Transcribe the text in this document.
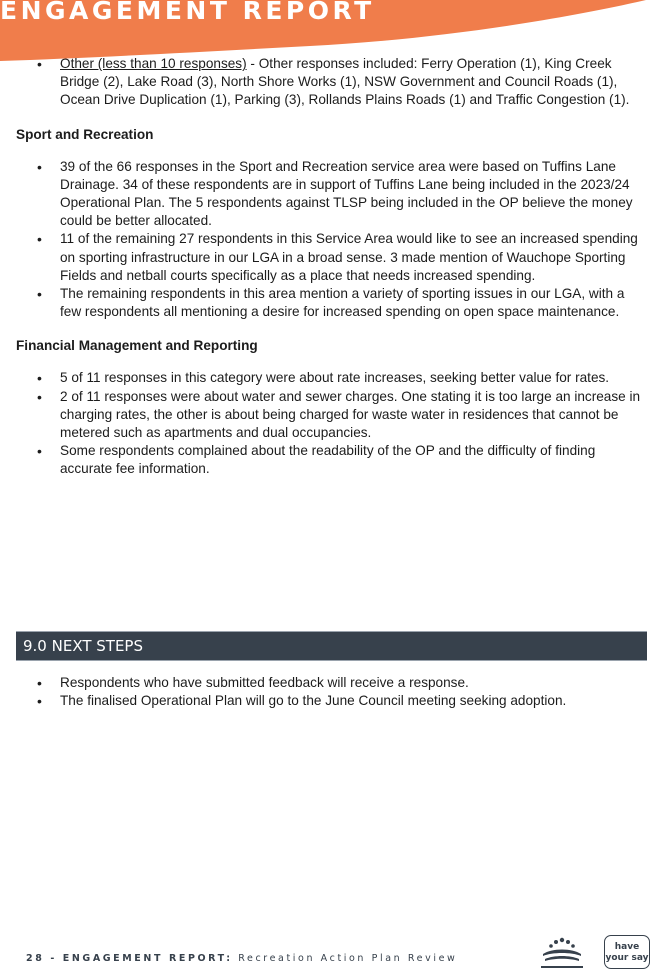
ENGAGEMENT REPORT
• Other (less than 10 responses) - Other responses included: Ferry Operation (1), King Creek Bridge (2), Lake Road (3), North Shore Works (1), NSW Government and Council Roads (1), Ocean Drive Duplication (1), Parking (3), Rollands Plains Roads (1) and Traffic Congestion (1).
Sport and Recreation
• 39 of the 66 responses in the Sport and Recreation service area were based on Tuffins Lane Drainage. 34 of these respondents are in support of Tuffins Lane being included in the 2023/24 Operational Plan. The 5 respondents against TLSP being included in the OP believe the money could be better allocated.
• 11 of the remaining 27 respondents in this Service Area would like to see an increased spending on sporting infrastructure in our LGA in a broad sense. 3 made mention of Wauchope Sporting Fields and netball courts specifically as a place that needs increased spending.
• The remaining respondents in this area mention a variety of sporting issues in our LGA, with a few respondents all mentioning a desire for increased spending on open space maintenance.
Financial Management and Reporting
• 5 of 11 responses in this category were about rate increases, seeking better value for rates.
• 2 of 11 responses were about water and sewer charges. One stating it is too large an increase in charging rates, the other is about being charged for waste water in residences that cannot be metered such as apartments and dual occupancies.
• Some respondents complained about the readability of the OP and the difficulty of finding accurate fee information.
9.0 NEXT STEPS
• Respondents who have submitted feedback will receive a response.
• The finalised Operational Plan will go to the June Council meeting seeking adoption.
28 - ENGAGEMENT REPORT: Recreation Action Plan Review
have
your say
